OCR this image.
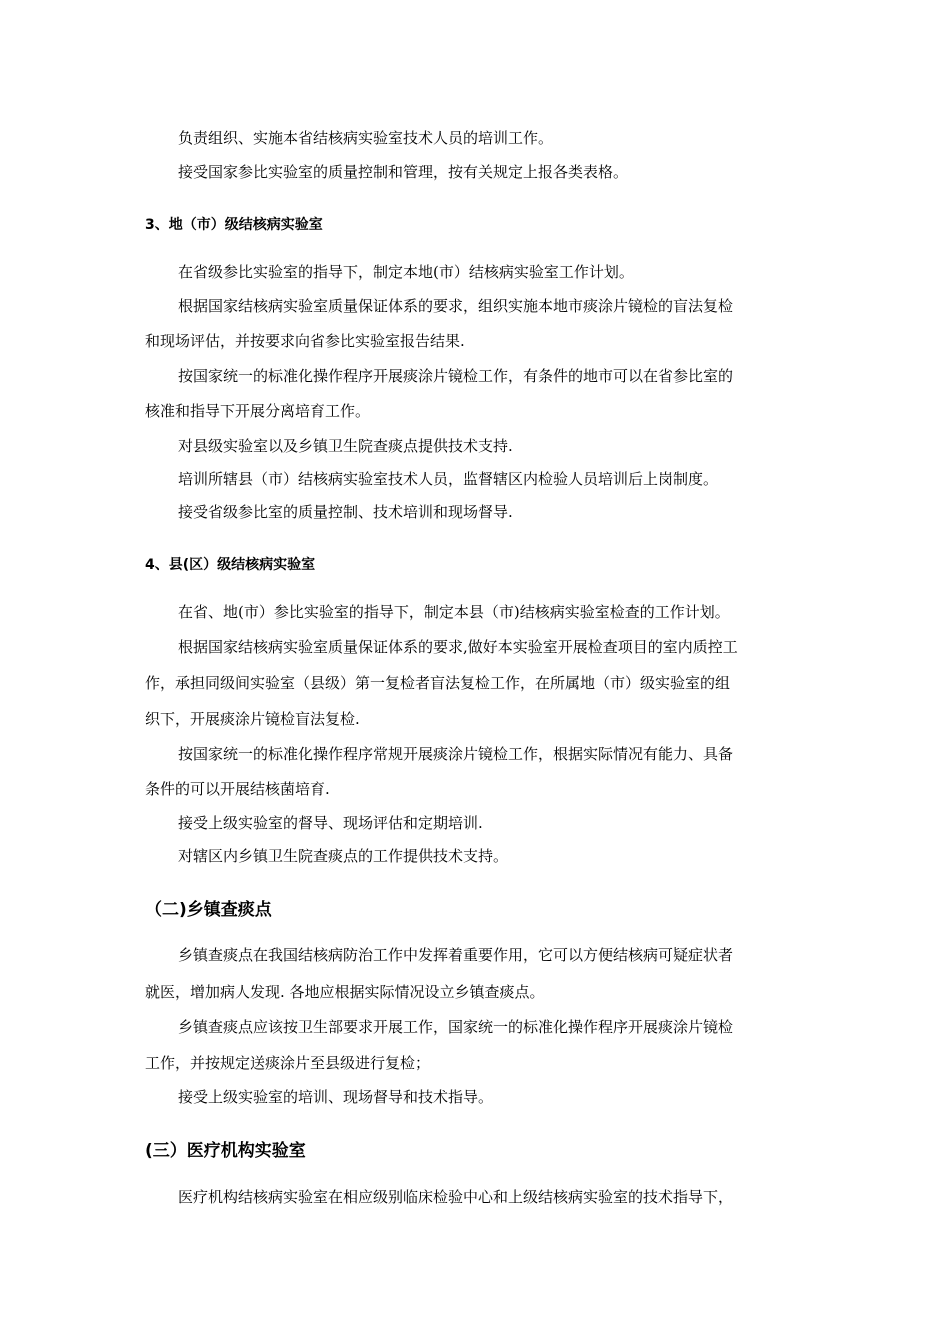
负责组织、实施本省结核病实验室技术人员的培训工作。
接受国家参比实验室的质量控制和管理，按有关规定上报各类表格。
3、地（市）级结核病实验室
在省级参比实验室的指导下，制定本地(市）结核病实验室工作计划。
根据国家结核病实验室质量保证体系的要求，组织实施本地市痰涂片镜检的盲法复检
和现场评估，并按要求向省参比实验室报告结果.
按国家统一的标准化操作程序开展痰涂片镜检工作，有条件的地市可以在省参比室的
核准和指导下开展分离培育工作。
对县级实验室以及乡镇卫生院查痰点提供技术支持.
培训所辖县（市）结核病实验室技术人员，监督辖区内检验人员培训后上岗制度。
接受省级参比室的质量控制、技术培训和现场督导.
4、县(区）级结核病实验室
在省、地(市）参比实验室的指导下，制定本县（市)结核病实验室检查的工作计划。
根据国家结核病实验室质量保证体系的要求,做好本实验室开展检查项目的室内质控工
作，承担同级间实验室（县级）第一复检者盲法复检工作，在所属地（市）级实验室的组
织下，开展痰涂片镜检盲法复检.
按国家统一的标准化操作程序常规开展痰涂片镜检工作，根据实际情况有能力、具备
条件的可以开展结核菌培育.
接受上级实验室的督导、现场评估和定期培训.
对辖区内乡镇卫生院查痰点的工作提供技术支持。
（二)乡镇查痰点
乡镇查痰点在我国结核病防治工作中发挥着重要作用，它可以方便结核病可疑症状者
就医，增加病人发现. 各地应根据实际情况设立乡镇查痰点。
乡镇查痰点应该按卫生部要求开展工作，国家统一的标准化操作程序开展痰涂片镜检
工作，并按规定送痰涂片至县级进行复检；
接受上级实验室的培训、现场督导和技术指导。
(三）医疗机构实验室
医疗机构结核病实验室在相应级别临床检验中心和上级结核病实验室的技术指导下，
